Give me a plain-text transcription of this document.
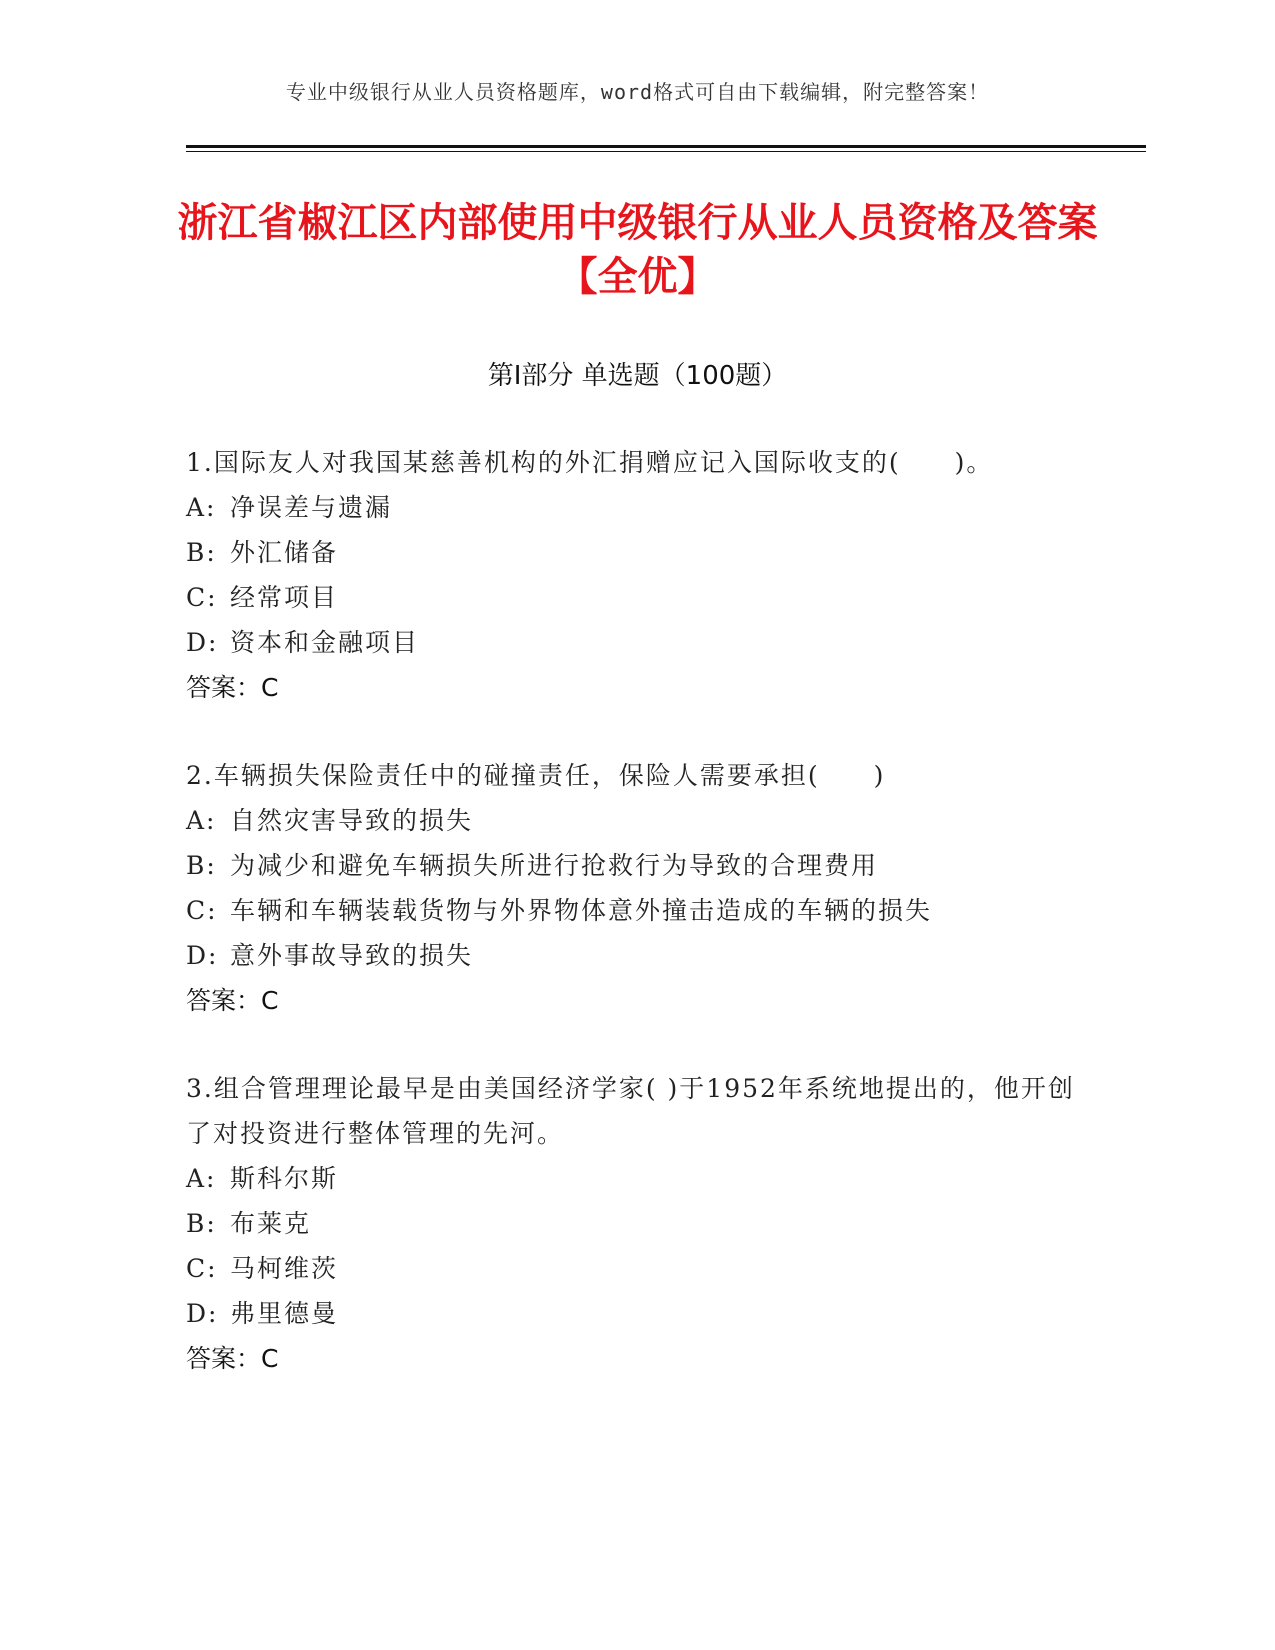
专业中级银行从业人员资格题库，word格式可自由下载编辑，附完整答案！
浙江省椒江区内部使用中级银行从业人员资格及答案【全优】
第Ⅰ部分 单选题（100题）
1.国际友人对我国某慈善机构的外汇捐赠应记入国际收支的(　　)。
A: 净误差与遗漏
B: 外汇储备
C: 经常项目
D: 资本和金融项目
答案：C
2.车辆损失保险责任中的碰撞责任，保险人需要承担(　　)
A: 自然灾害导致的损失
B: 为减少和避免车辆损失所进行抢救行为导致的合理费用
C: 车辆和车辆装载货物与外界物体意外撞击造成的车辆的损失
D: 意外事故导致的损失
答案：C
3.组合管理理论最早是由美国经济学家( )于1952年系统地提出的，他开创了对投资进行整体管理的先河。
A: 斯科尔斯
B: 布莱克
C: 马柯维茨
D: 弗里德曼
答案：C
